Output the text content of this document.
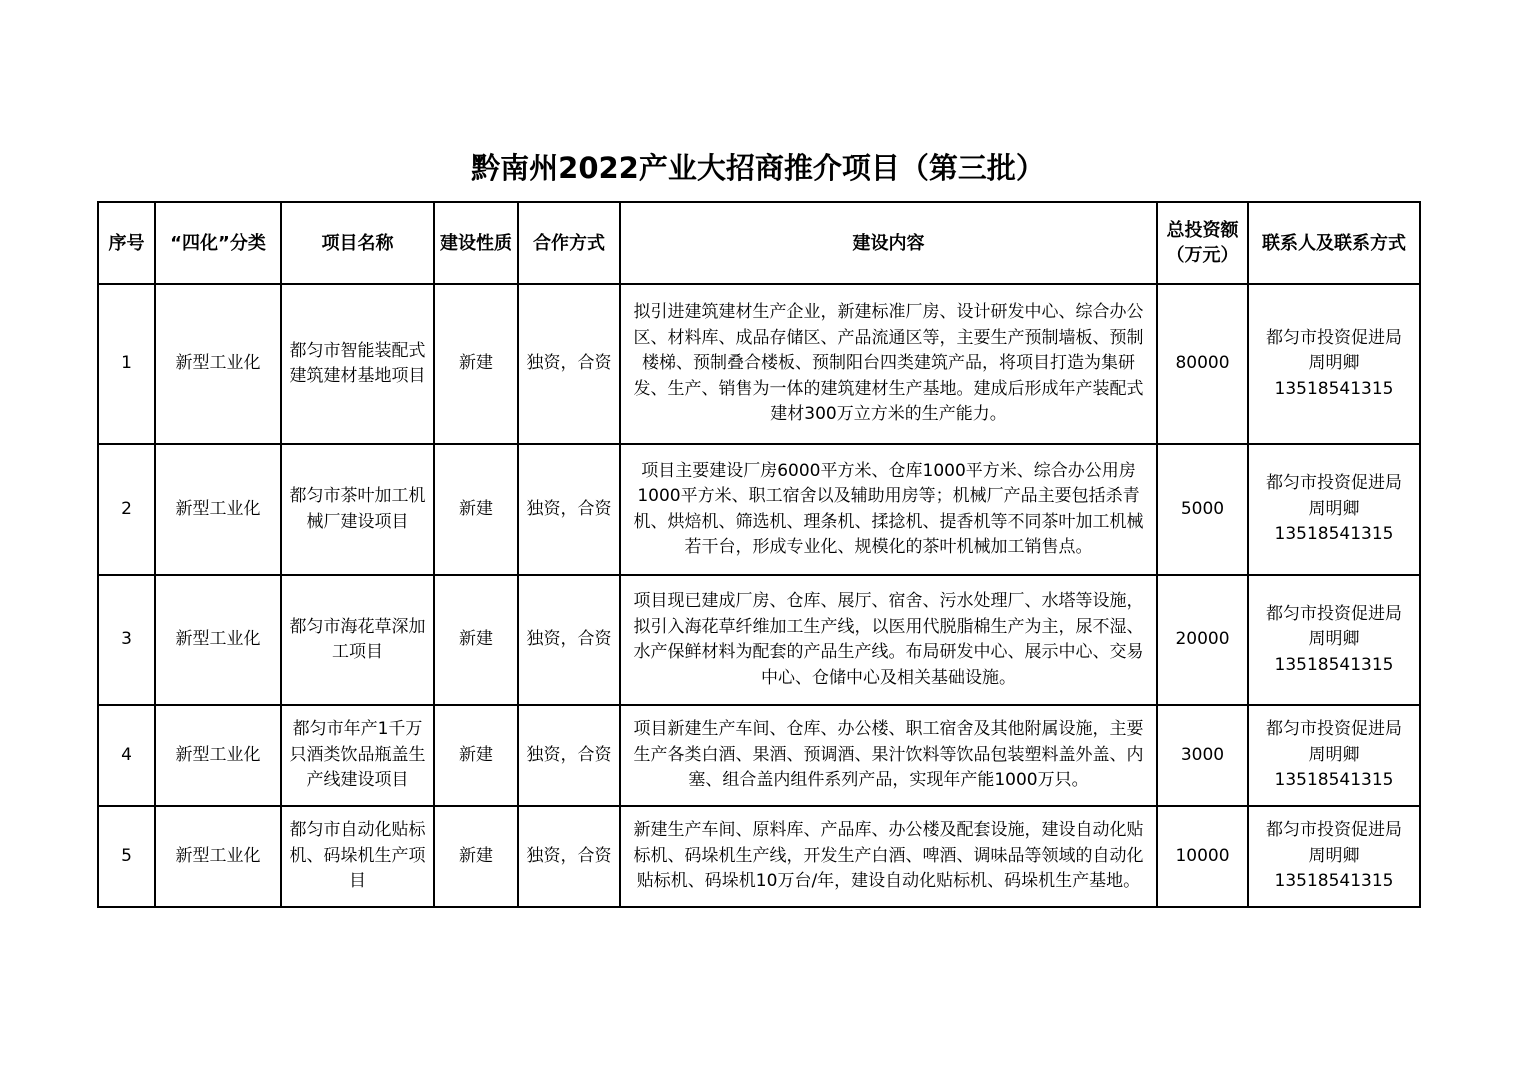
黔南州2022产业大招商推介项目（第三批）
序号	“四化”分类	项目名称	建设性质	合作方式	建设内容	总投资额（万元）	联系人及联系方式
1	新型工业化	都匀市智能装配式建筑建材基地项目	新建	独资，合资	拟引进建筑建材生产企业，新建标准厂房、设计研发中心、综合办公区、材料库、成品存储区、产品流通区等，主要生产预制墙板、预制楼梯、预制叠合楼板、预制阳台四类建筑产品，将项目打造为集研发、生产、销售为一体的建筑建材生产基地。建成后形成年产装配式建材300万立方米的生产能力。	80000	都匀市投资促进局
周明卿
13518541315

2	新型工业化	都匀市茶叶加工机械厂建设项目	新建	独资，合资	项目主要建设厂房6000平方米、仓库1000平方米、综合办公用房1000平方米、职工宿舍以及辅助用房等；机械厂产品主要包括杀青机、烘焙机、筛选机、理条机、揉捻机、提香机等不同茶叶加工机械若干台，形成专业化、规模化的茶叶机械加工销售点。	5000	都匀市投资促进局
周明卿
13518541315

3	新型工业化	都匀市海花草深加工项目	新建	独资，合资	项目现已建成厂房、仓库、展厅、宿舍、污水处理厂、水塔等设施，拟引入海花草纤维加工生产线，以医用代脱脂棉生产为主，尿不湿、水产保鲜材料为配套的产品生产线。布局研发中心、展示中心、交易中心、仓储中心及相关基础设施。	20000	都匀市投资促进局
周明卿
13518541315

4	新型工业化	都匀市年产1千万只酒类饮品瓶盖生产线建设项目	新建	独资，合资	项目新建生产车间、仓库、办公楼、职工宿舍及其他附属设施，主要生产各类白酒、果酒、预调酒、果汁饮料等饮品包装塑料盖外盖、内塞、组合盖内组件系列产品，实现年产能1000万只。	3000	都匀市投资促进局
周明卿
13518541315

5	新型工业化	都匀市自动化贴标机、码垛机生产项目	新建	独资，合资	新建生产车间、原料库、产品库、办公楼及配套设施，建设自动化贴标机、码垛机生产线，开发生产白酒、啤酒、调味品等领域的自动化贴标机、码垛机10万台/年，建设自动化贴标机、码垛机生产基地。	10000	都匀市投资促进局
周明卿
13518541315
